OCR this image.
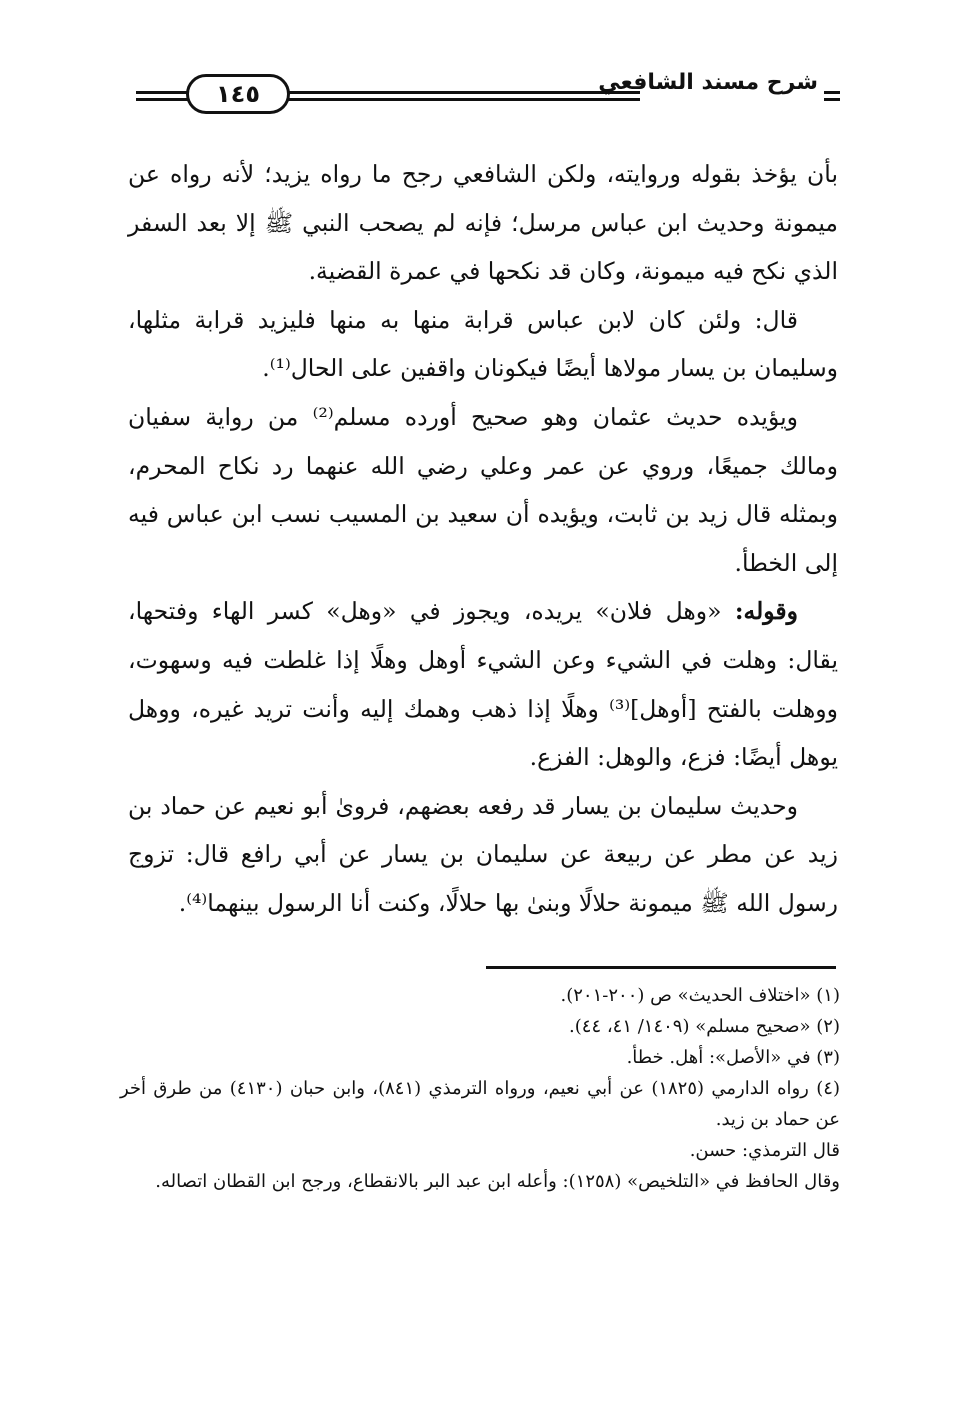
١٤٥	شرح مسند الشافعي

بأن يؤخذ بقوله وروايته، ولكن الشافعي رجح ما رواه يزيد؛ لأنه رواه عن ميمونة وحديث ابن عباس مرسل؛ فإنه لم يصحب النبي ﷺ إلا بعد السفر الذي نكح فيه ميمونة، وكان قد نكحها في عمرة القضية.

قال: ولئن كان لابن عباس قرابة منها به منها فليزيد قرابة مثلها، وسليمان بن يسار مولاها أيضًا فيكونان واقفين على الحال⁽¹⁾.

ويؤيده حديث عثمان وهو صحيح أورده مسلم⁽²⁾ من رواية سفيان ومالك جميعًا، وروي عن عمر وعلي رضي الله عنهما رد نكاح المحرم، وبمثله قال زيد بن ثابت، ويؤيده أن سعيد بن المسيب نسب ابن عباس فيه إلى الخطأ.

وقوله: «وهل فلان» يريده، ويجوز في «وهل» كسر الهاء وفتحها، يقال: وهلت في الشيء وعن الشيء أوهل وهلًا إذا غلطت فيه وسهوت، ووهلت بالفتح [أوهل]⁽³⁾ وهلًا إذا ذهب وهمك إليه وأنت تريد غيره، ووهل يوهل أيضًا: فزع، والوهل: الفزع.

وحديث سليمان بن يسار قد رفعه بعضهم، فروىٰ أبو نعيم عن حماد بن زيد عن مطر عن ربيعة عن سليمان بن يسار عن أبي رافع قال: تزوج رسول الله ﷺ ميمونة حلالًا وبنىٰ بها حلالًا، وكنت أنا الرسول بينهما⁽⁴⁾.

(١) «اختلاف الحديث» ص (٢٠٠-٢٠١).

(٢) «صحيح مسلم» (١٤٠٩/ ٤١، ٤٤).

(٣) في «الأصل»: أهل. خطأ.

(٤) رواه الدارمي (١٨٢٥) عن أبي نعيم، ورواه الترمذي (٨٤١)، وابن حبان (٤١٣٠) من طرق أخر عن حماد بن زيد.

قال الترمذي: حسن.

وقال الحافظ في «التلخيص» (١٢٥٨): وأعله ابن عبد البر بالانقطاع، ورجح ابن القطان اتصاله.
